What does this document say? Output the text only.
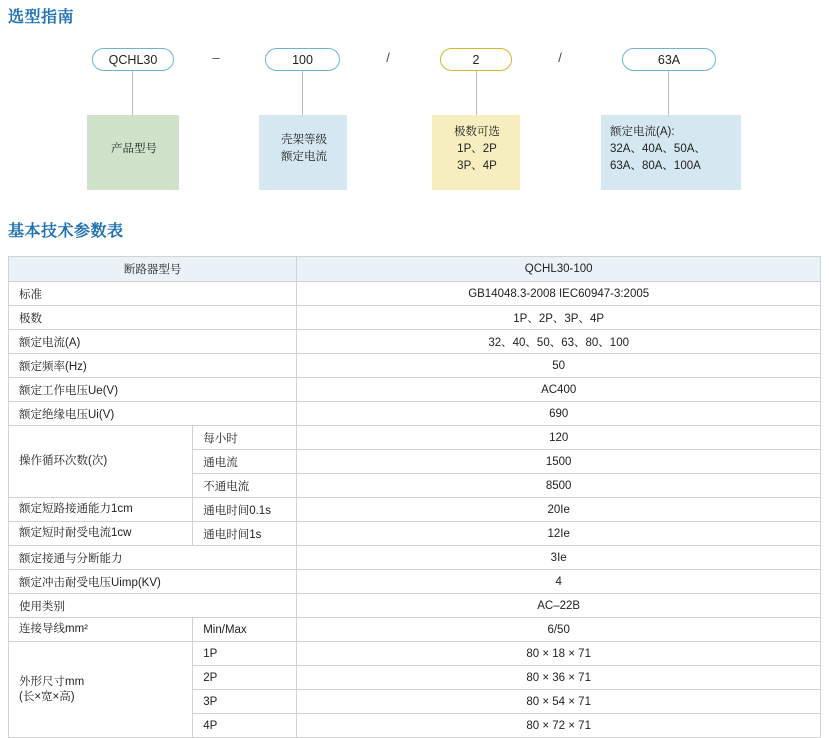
选型指南
QCHL30	–	100	/	2	/	63A
产品型号
壳架等级
额定电流
极数可选
1P、2P
3P、4P
额定电流(A):
32A、40A、50A、
63A、80A、100A
基本技术参数表
断路器型号		QCHL30-100

标准		GB14048.3-2008 IEC60947-3:2005

极数		1P、2P、3P、4P

额定电流(A)		32、40、50、63、80、100

额定频率(Hz)		50

额定工作电压Ue(V)		AC400

额定绝缘电压Ui(V)		690

操作循环次数(次)	每小时	120
	通电流	1500
	不通电流	8500

额定短路接通能力1cm	通电时间0.1s	20Ie

额定短时耐受电流1cw	通电时间1s	12Ie

额定接通与分断能力		3Ie

额定冲击耐受电压Uimp(KV)		4

使用类别		AC–22B

连接导线mm²	Min/Max	6/50

外形尺寸mm
(长×宽×高)	1P	80 × 18 × 71
	2P	80 × 36 × 71
	3P	80 × 54 × 71
	4P	80 × 72 × 71
